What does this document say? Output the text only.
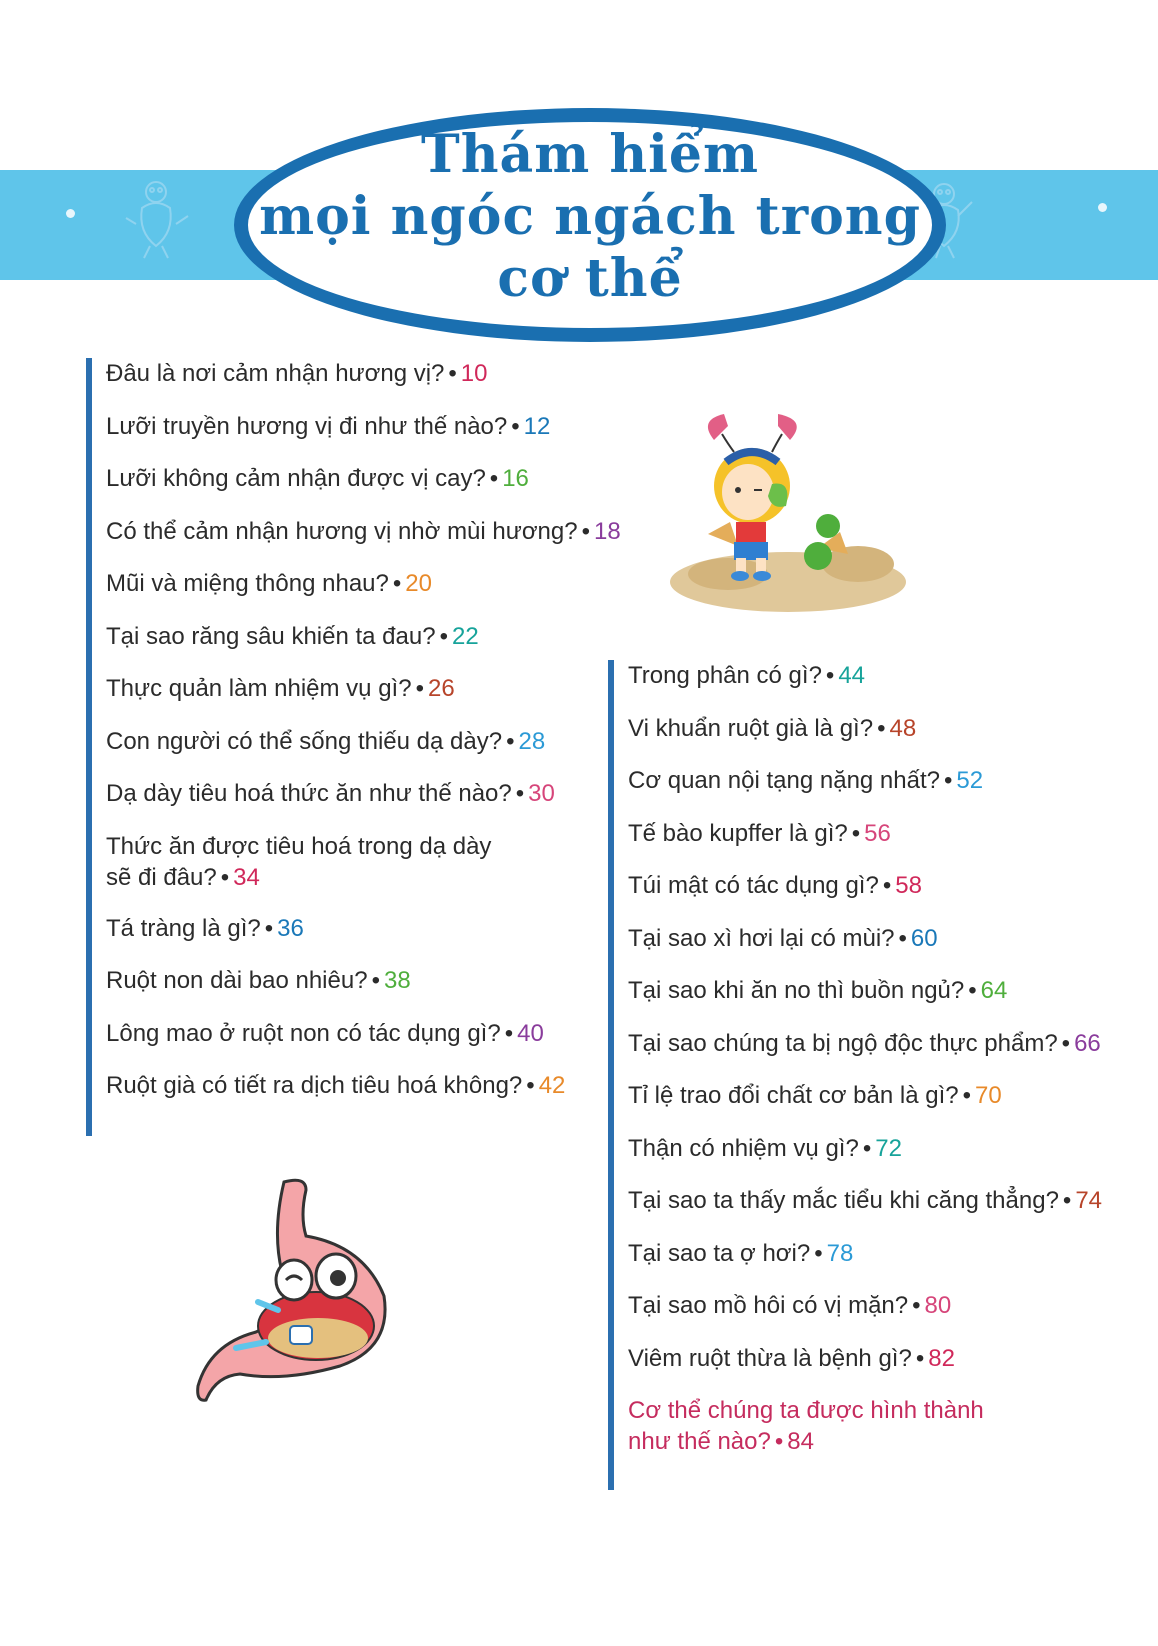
Thám hiểm
mọi ngóc ngách trong
cơ thể
Đâu là nơi cảm nhận hương vị? • 10
Lưỡi truyền hương vị đi như thế nào? • 12
Lưỡi không cảm nhận được vị cay? • 16
Có thể cảm nhận hương vị nhờ mùi hương? • 18
Mũi và miệng thông nhau? • 20
Tại sao răng sâu khiến ta đau? • 22
Thực quản làm nhiệm vụ gì? • 26
Con người có thể sống thiếu dạ dày? • 28
Dạ dày tiêu hoá thức ăn như thế nào? • 30
Thức ăn được tiêu hoá trong dạ dày
sẽ đi đâu? • 34
Tá tràng là gì? • 36
Ruột non dài bao nhiêu? • 38
Lông mao ở ruột non có tác dụng gì? • 40
Ruột già có tiết ra dịch tiêu hoá không? • 42
Trong phân có gì? • 44
Vi khuẩn ruột già là gì? • 48
Cơ quan nội tạng nặng nhất? • 52
Tế bào kupffer là gì? • 56
Túi mật có tác dụng gì? • 58
Tại sao xì hơi lại có mùi? • 60
Tại sao khi ăn no thì buồn ngủ? • 64
Tại sao chúng ta bị ngộ độc thực phẩm? • 66
Tỉ lệ trao đổi chất cơ bản là gì? • 70
Thận có nhiệm vụ gì? • 72
Tại sao ta thấy mắc tiểu khi căng thẳng? • 74
Tại sao ta ợ hơi? • 78
Tại sao mồ hôi có vị mặn? • 80
Viêm ruột thừa là bệnh gì? • 82
Cơ thể chúng ta được hình thành
như thế nào? • 84
